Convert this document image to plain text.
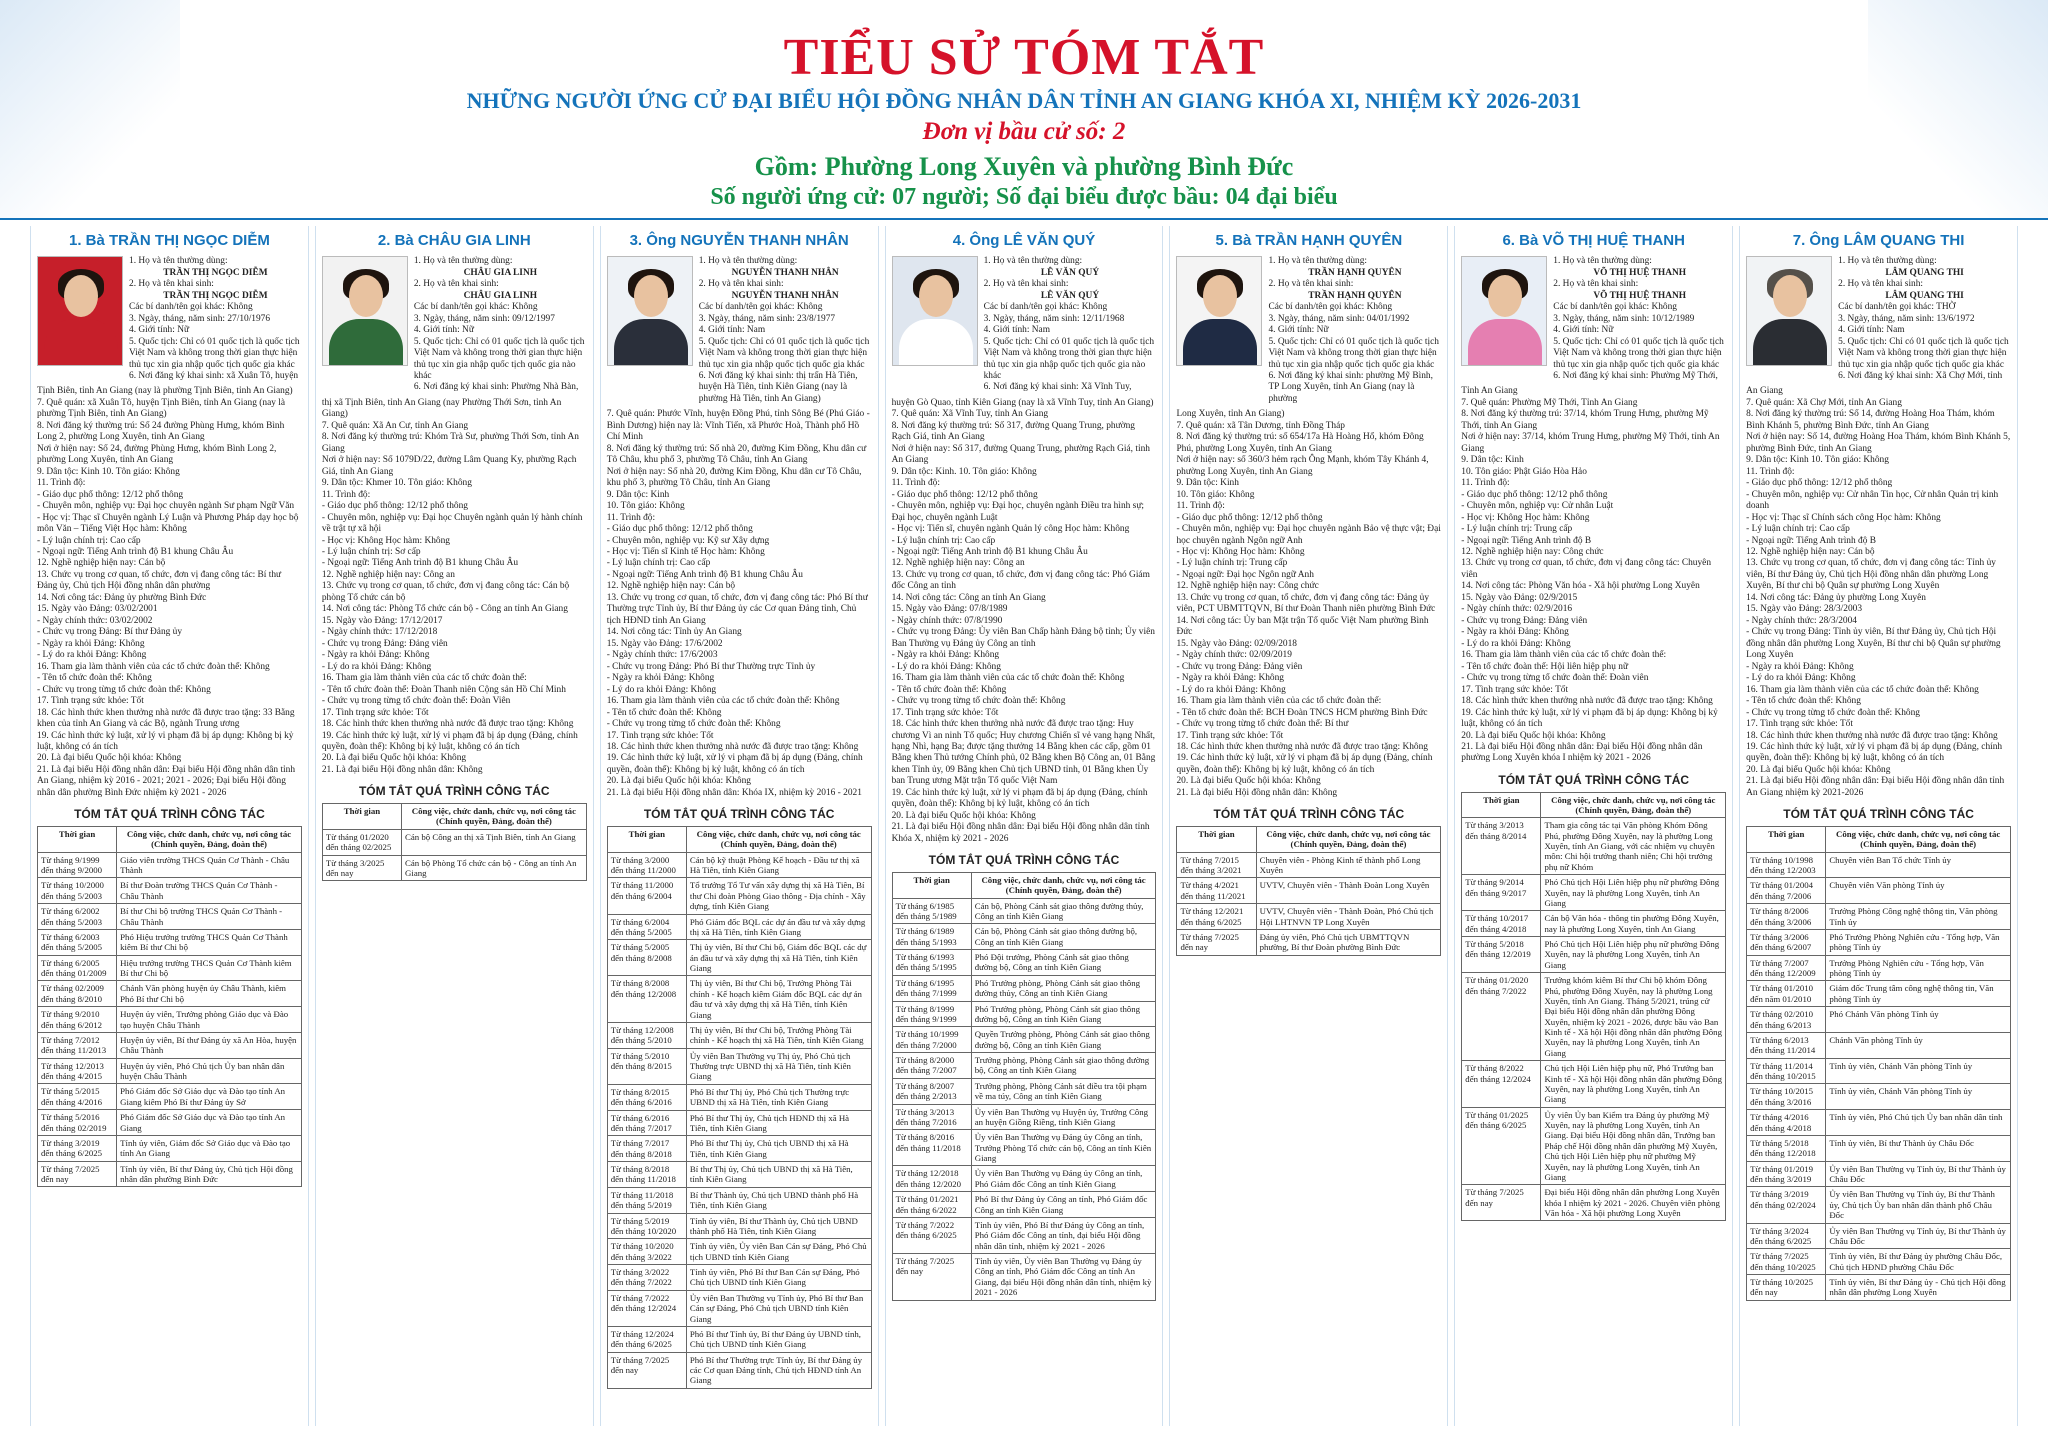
TIỂU SỬ TÓM TẮT
NHỮNG NGƯỜI ỨNG CỬ ĐẠI BIỂU HỘI ĐỒNG NHÂN DÂN TỈNH AN GIANG KHÓA XI, NHIỆM KỲ 2026-2031
Đơn vị bầu cử số: 2
Gồm: Phường Long Xuyên và phường Bình Đức
Số người ứng cử: 07 người; Số đại biểu được bầu: 04 đại biểu
1. Bà TRẦN THỊ NGỌC DIỄM
1. Họ và tên thường dùng:
TRẦN THỊ NGỌC DIỄM
2. Họ và tên khai sinh:
TRẦN THỊ NGỌC DIỄM
Các bí danh/tên gọi khác: Không
3. Ngày, tháng, năm sinh: 27/10/1976
4. Giới tính: Nữ
5. Quốc tịch: Chỉ có 01 quốc tịch là quốc tịch Việt Nam và không trong thời gian thực hiện thủ tục xin gia nhập quốc tịch quốc gia khác
6. Nơi đăng ký khai sinh: xã Xuân Tô, huyện
Tịnh Biên, tỉnh An Giang (nay là phường Tịnh Biên, tỉnh An Giang)
7. Quê quán: xã Xuân Tô, huyện Tịnh Biên, tỉnh An Giang (nay là phường Tịnh Biên, tỉnh An Giang)
8. Nơi đăng ký thường trú: Số 24 đường Phùng Hưng, khóm Bình Long 2, phường Long Xuyên, tỉnh An Giang
Nơi ở hiện nay: Số 24, đường Phùng Hưng, khóm Bình Long 2, phường Long Xuyên, tỉnh An Giang
9. Dân tộc: Kinh 10. Tôn giáo: Không
11. Trình độ:
- Giáo dục phổ thông: 12/12 phổ thông
- Chuyên môn, nghiệp vụ: Đại học chuyên ngành Sư phạm Ngữ Văn
- Học vị: Thạc sĩ Chuyên ngành Lý Luận và Phương Pháp dạy học bộ môn Văn – Tiếng Việt Học hàm: Không
- Lý luận chính trị: Cao cấp
- Ngoại ngữ: Tiếng Anh trình độ B1 khung Châu Âu
12. Nghề nghiệp hiện nay: Cán bộ
13. Chức vụ trong cơ quan, tổ chức, đơn vị đang công tác: Bí thư Đảng ủy, Chủ tịch Hội đồng nhân dân phường
14. Nơi công tác: Đảng ủy phường Bình Đức
15. Ngày vào Đảng: 03/02/2001
- Ngày chính thức: 03/02/2002
- Chức vụ trong Đảng: Bí thư Đảng ủy
- Ngày ra khỏi Đảng: Không
- Lý do ra khỏi Đảng: Không
16. Tham gia làm thành viên của các tổ chức đoàn thể: Không
- Tên tổ chức đoàn thể: Không
- Chức vụ trong từng tổ chức đoàn thể: Không
17. Tình trạng sức khỏe: Tốt
18. Các hình thức khen thưởng nhà nước đã được trao tặng: 33 Bằng khen của tỉnh An Giang và các Bộ, ngành Trung ương
19. Các hình thức kỷ luật, xử lý vi phạm đã bị áp dụng: Không bị kỷ luật, không có án tích
20. Là đại biểu Quốc hội khóa: Không
21. Là đại biểu Hội đồng nhân dân: Đại biểu Hội đồng nhân dân tỉnh An Giang, nhiệm kỳ 2016 - 2021; 2021 - 2026; Đại biểu Hội đồng nhân dân phường Bình Đức nhiệm kỳ 2021 - 2026
TÓM TẮT QUÁ TRÌNH CÔNG TÁC
Thời gian	Công việc, chức danh, chức vụ, nơi công tác (Chính quyền, Đảng, đoàn thể)
Từ tháng 9/1999 đến tháng 9/2000	Giáo viên trường THCS Quản Cơ Thành - Châu Thành
Từ tháng 10/2000 đến tháng 5/2003	Bí thư Đoàn trường THCS Quản Cơ Thành - Châu Thành
Từ tháng 6/2002 đến tháng 5/2003	Bí thư Chi bộ trường THCS Quản Cơ Thành - Châu Thành
Từ tháng 6/2003 đến tháng 5/2005	Phó Hiệu trưởng trường THCS Quản Cơ Thành kiêm Bí thư Chi bộ
Từ tháng 6/2005 đến tháng 01/2009	Hiệu trưởng trường THCS Quản Cơ Thành kiêm Bí thư Chi bộ
Từ tháng 02/2009 đến tháng 8/2010	Chánh Văn phòng huyện ủy Châu Thành, kiêm Phó Bí thư Chi bộ
Từ tháng 9/2010 đến tháng 6/2012	Huyện ủy viên, Trưởng phòng Giáo dục và Đào tạo huyện Châu Thành
Từ tháng 7/2012 đến tháng 11/2013	Huyện ủy viên, Bí thư Đảng ủy xã An Hòa, huyện Châu Thành
Từ tháng 12/2013 đến tháng 4/2015	Huyện ủy viên, Phó Chủ tịch Ủy ban nhân dân huyện Châu Thành
Từ tháng 5/2015 đến tháng 4/2016	Phó Giám đốc Sở Giáo dục và Đào tạo tỉnh An Giang kiêm Phó Bí thư Đảng ủy Sở
Từ tháng 5/2016 đến tháng 02/2019	Phó Giám đốc Sở Giáo dục và Đào tạo tỉnh An Giang
Từ tháng 3/2019 đến tháng 6/2025	Tỉnh ủy viên, Giám đốc Sở Giáo dục và Đào tạo tỉnh An Giang
Từ tháng 7/2025 đến nay	Tỉnh ủy viên, Bí thư Đảng ủy, Chủ tịch Hội đồng nhân dân phường Bình Đức
2. Bà CHÂU GIA LINH
1. Họ và tên thường dùng:
CHÂU GIA LINH
2. Họ và tên khai sinh:
CHÂU GIA LINH
Các bí danh/tên gọi khác: Không
3. Ngày, tháng, năm sinh: 09/12/1997
4. Giới tính: Nữ
5. Quốc tịch: Chỉ có 01 quốc tịch là quốc tịch Việt Nam và không trong thời gian thực hiện thủ tục xin gia nhập quốc tịch quốc gia nào khác
6. Nơi đăng ký khai sinh: Phường Nhà Bàn,
thị xã Tịnh Biên, tỉnh An Giang (nay Phường Thới Sơn, tỉnh An Giang)
7. Quê quán: Xã An Cư, tỉnh An Giang
8. Nơi đăng ký thường trú: Khóm Trà Sư, phường Thới Sơn, tỉnh An Giang
Nơi ở hiện nay: Số 1079D/22, đường Lâm Quang Ky, phường Rạch Giá, tỉnh An Giang
9. Dân tộc: Khmer 10. Tôn giáo: Không
11. Trình độ:
- Giáo dục phổ thông: 12/12 phổ thông
- Chuyên môn, nghiệp vụ: Đại học Chuyên ngành quản lý hành chính về trật tự xã hội
- Học vị: Không Học hàm: Không
- Lý luận chính trị: Sơ cấp
- Ngoại ngữ: Tiếng Anh trình độ B1 khung Châu Âu
12. Nghề nghiệp hiện nay: Công an
13. Chức vụ trong cơ quan, tổ chức, đơn vị đang công tác: Cán bộ phòng Tổ chức cán bộ
14. Nơi công tác: Phòng Tổ chức cán bộ - Công an tỉnh An Giang
15. Ngày vào Đảng: 17/12/2017
- Ngày chính thức: 17/12/2018
- Chức vụ trong Đảng: Đảng viên
- Ngày ra khỏi Đảng: Không
- Lý do ra khỏi Đảng: Không
16. Tham gia làm thành viên của các tổ chức đoàn thể:
- Tên tổ chức đoàn thể: Đoàn Thanh niên Cộng sản Hồ Chí Minh
- Chức vụ trong từng tổ chức đoàn thể: Đoàn Viên
17. Tình trạng sức khỏe: Tốt
18. Các hình thức khen thưởng nhà nước đã được trao tặng: Không
19. Các hình thức kỷ luật, xử lý vi phạm đã bị áp dụng (Đảng, chính quyền, đoàn thể): Không bị kỷ luật, không có án tích
20. Là đại biểu Quốc hội khóa: Không
21. Là đại biểu Hội đồng nhân dân: Không
TÓM TẮT QUÁ TRÌNH CÔNG TÁC
Thời gian	Công việc, chức danh, chức vụ, nơi công tác (Chính quyền, Đảng, đoàn thể)
Từ tháng 01/2020 đến tháng 02/2025	Cán bộ Công an thị xã Tịnh Biên, tỉnh An Giang
Từ tháng 3/2025 đến nay	Cán bộ Phòng Tổ chức cán bộ - Công an tỉnh An Giang
3. Ông NGUYỄN THANH NHÂN
1. Họ và tên thường dùng:
NGUYỄN THANH NHÂN
2. Họ và tên khai sinh:
NGUYỄN THANH NHÂN
Các bí danh/tên gọi khác: Không
3. Ngày, tháng, năm sinh: 23/8/1977
4. Giới tính: Nam
5. Quốc tịch: Chỉ có 01 quốc tịch là quốc tịch Việt Nam và không trong thời gian thực hiện thủ tục xin gia nhập quốc tịch quốc gia khác
6. Nơi đăng ký khai sinh: thị trấn Hà Tiên, huyện Hà Tiên, tỉnh Kiên Giang (nay là phường Hà Tiên, tỉnh An Giang)
7. Quê quán: Phước Vĩnh, huyện Đồng Phú, tỉnh Sông Bé (Phú Giáo - Bình Dương) hiện nay là: Vĩnh Tiến, xã Phước Hoà, Thành phố Hồ Chí Minh
8. Nơi đăng ký thường trú: Số nhà 20, đường Kim Đồng, Khu dân cư Tô Châu, khu phố 3, phường Tô Châu, tỉnh An Giang
Nơi ở hiện nay: Số nhà 20, đường Kim Đồng, Khu dân cư Tô Châu, khu phố 3, phường Tô Châu, tỉnh An Giang
9. Dân tộc: Kinh
10. Tôn giáo: Không
11. Trình độ:
- Giáo dục phổ thông: 12/12 phổ thông
- Chuyên môn, nghiệp vụ: Kỹ sư Xây dựng
- Học vị: Tiến sĩ Kinh tế Học hàm: Không
- Lý luận chính trị: Cao cấp
- Ngoại ngữ: Tiếng Anh trình độ B1 khung Châu Âu
12. Nghề nghiệp hiện nay: Cán bộ
13. Chức vụ trong cơ quan, tổ chức, đơn vị đang công tác: Phó Bí thư Thường trực Tỉnh ủy, Bí thư Đảng ủy các Cơ quan Đảng tỉnh, Chủ tịch HĐND tỉnh An Giang
14. Nơi công tác: Tỉnh ủy An Giang
15. Ngày vào Đảng: 17/6/2002
- Ngày chính thức: 17/6/2003
- Chức vụ trong Đảng: Phó Bí thư Thường trực Tỉnh ủy
- Ngày ra khỏi Đảng: Không
- Lý do ra khỏi Đảng: Không
16. Tham gia làm thành viên của các tổ chức đoàn thể: Không
- Tên tổ chức đoàn thể: Không
- Chức vụ trong từng tổ chức đoàn thể: Không
17. Tình trạng sức khỏe: Tốt
18. Các hình thức khen thưởng nhà nước đã được trao tặng: Không
19. Các hình thức kỷ luật, xử lý vi phạm đã bị áp dụng (Đảng, chính quyền, đoàn thể): Không bị kỷ luật, không có án tích
20. Là đại biểu Quốc hội khóa: Không
21. Là đại biểu Hội đồng nhân dân: Khóa IX, nhiệm kỳ 2016 - 2021
TÓM TẮT QUÁ TRÌNH CÔNG TÁC
Thời gian	Công việc, chức danh, chức vụ, nơi công tác (Chính quyền, Đảng, đoàn thể)
Từ tháng 3/2000 đến tháng 11/2000	Cán bộ kỹ thuật Phòng Kế hoạch - Đầu tư thị xã Hà Tiên, tỉnh Kiên Giang
Từ tháng 11/2000 đến tháng 6/2004	Tổ trưởng Tổ Tư vấn xây dựng thị xã Hà Tiên, Bí thư Chi đoàn Phòng Giao thông - Địa chính - Xây dựng, tỉnh Kiên Giang
Từ tháng 6/2004 đến tháng 5/2005	Phó Giám đốc BQL các dự án đầu tư và xây dựng thị xã Hà Tiên, tỉnh Kiên Giang
Từ tháng 5/2005 đến tháng 8/2008	Thị ủy viên, Bí thư Chi bộ, Giám đốc BQL các dự án đầu tư và xây dựng thị xã Hà Tiên, tỉnh Kiên Giang
Từ tháng 8/2008 đến tháng 12/2008	Thị ủy viên, Bí thư Chi bộ, Trưởng Phòng Tài chính - Kế hoạch kiêm Giám đốc BQL các dự án đầu tư và xây dựng thị xã Hà Tiên, tỉnh Kiên Giang
Từ tháng 12/2008 đến tháng 5/2010	Thị ủy viên, Bí thư Chi bộ, Trưởng Phòng Tài chính - Kế hoạch thị xã Hà Tiên, tỉnh Kiên Giang
Từ tháng 5/2010 đến tháng 8/2015	Ủy viên Ban Thường vụ Thị ủy, Phó Chủ tịch Thường trực UBND thị xã Hà Tiên, tỉnh Kiên Giang
Từ tháng 8/2015 đến tháng 6/2016	Phó Bí thư Thị ủy, Phó Chủ tịch Thường trực UBND thị xã Hà Tiên, tỉnh Kiên Giang
Từ tháng 6/2016 đến tháng 7/2017	Phó Bí thư Thị ủy, Chủ tịch HĐND thị xã Hà Tiên, tỉnh Kiên Giang
Từ tháng 7/2017 đến tháng 8/2018	Phó Bí thư Thị ủy, Chủ tịch UBND thị xã Hà Tiên, tỉnh Kiên Giang
Từ tháng 8/2018 đến tháng 11/2018	Bí thư Thị ủy, Chủ tịch UBND thị xã Hà Tiên, tỉnh Kiên Giang
Từ tháng 11/2018 đến tháng 5/2019	Bí thư Thành ủy, Chủ tịch UBND thành phố Hà Tiên, tỉnh Kiên Giang
Từ tháng 5/2019 đến tháng 10/2020	Tỉnh ủy viên, Bí thư Thành ủy, Chủ tịch UBND thành phố Hà Tiên, tỉnh Kiên Giang
Từ tháng 10/2020 đến tháng 3/2022	Tỉnh ủy viên, Ủy viên Ban Cán sự Đảng, Phó Chủ tịch UBND tỉnh Kiên Giang
Từ tháng 3/2022 đến tháng 7/2022	Tỉnh ủy viên, Phó Bí thư Ban Cán sự Đảng, Phó Chủ tịch UBND tỉnh Kiên Giang
Từ tháng 7/2022 đến tháng 12/2024	Ủy viên Ban Thường vụ Tỉnh ủy, Phó Bí thư Ban Cán sự Đảng, Phó Chủ tịch UBND tỉnh Kiên Giang
Từ tháng 12/2024 đến tháng 6/2025	Phó Bí thư Tỉnh ủy, Bí thư Đảng ủy UBND tỉnh, Chủ tịch UBND tỉnh Kiên Giang
Từ tháng 7/2025 đến nay	Phó Bí thư Thường trực Tỉnh ủy, Bí thư Đảng ủy các Cơ quan Đảng tỉnh, Chủ tịch HĐND tỉnh An Giang
4. Ông LÊ VĂN QUÝ
1. Họ và tên thường dùng:
LÊ VĂN QUÝ
2. Họ và tên khai sinh:
LÊ VĂN QUÝ
Các bí danh/tên gọi khác: Không
3. Ngày, tháng, năm sinh: 12/11/1968
4. Giới tính: Nam
5. Quốc tịch: Chỉ có 01 quốc tịch là quốc tịch Việt Nam và không trong thời gian thực hiện thủ tục xin gia nhập quốc tịch quốc gia nào khác
6. Nơi đăng ký khai sinh: Xã Vĩnh Tuy,
huyện Gò Quao, tỉnh Kiên Giang (nay là xã Vĩnh Tuy, tỉnh An Giang)
7. Quê quán: Xã Vĩnh Tuy, tỉnh An Giang
8. Nơi đăng ký thường trú: Số 317, đường Quang Trung, phường Rạch Giá, tỉnh An Giang
Nơi ở hiện nay: Số 317, đường Quang Trung, phường Rạch Giá, tỉnh An Giang
9. Dân tộc: Kinh. 10. Tôn giáo: Không
11. Trình độ:
- Giáo dục phổ thông: 12/12 phổ thông
- Chuyên môn, nghiệp vụ: Đại học, chuyên ngành Điều tra hình sự; Đại học, chuyên ngành Luật
- Học vị: Tiến sĩ, chuyên ngành Quản lý công Học hàm: Không
- Lý luận chính trị: Cao cấp
- Ngoại ngữ: Tiếng Anh trình độ B1 khung Châu Âu
12. Nghề nghiệp hiện nay: Công an
13. Chức vụ trong cơ quan, tổ chức, đơn vị đang công tác: Phó Giám đốc Công an tỉnh
14. Nơi công tác: Công an tỉnh An Giang
15. Ngày vào Đảng: 07/8/1989
- Ngày chính thức: 07/8/1990
- Chức vụ trong Đảng: Ủy viên Ban Chấp hành Đảng bộ tỉnh; Ủy viên Ban Thường vụ Đảng ủy Công an tỉnh
- Ngày ra khỏi Đảng: Không
- Lý do ra khỏi Đảng: Không
16. Tham gia làm thành viên của các tổ chức đoàn thể: Không
- Tên tổ chức đoàn thể: Không
- Chức vụ trong từng tổ chức đoàn thể: Không
17. Tình trạng sức khỏe: Tốt
18. Các hình thức khen thưởng nhà nước đã được trao tặng: Huy chương Vì an ninh Tổ quốc; Huy chương Chiến sĩ vẻ vang hạng Nhất, hạng Nhì, hạng Ba; được tặng thưởng 14 Bằng khen các cấp, gồm 01 Bằng khen Thủ tướng Chính phủ, 02 Bằng khen Bộ Công an, 01 Bằng khen Tỉnh ủy, 09 Bằng khen Chủ tịch UBND tỉnh, 01 Bằng khen Ủy ban Trung ương Mặt trận Tổ quốc Việt Nam
19. Các hình thức kỷ luật, xử lý vi phạm đã bị áp dụng (Đảng, chính quyền, đoàn thể): Không bị kỷ luật, không có án tích
20. Là đại biểu Quốc hội khóa: Không
21. Là đại biểu Hội đồng nhân dân: Đại biểu Hội đồng nhân dân tỉnh Khóa X, nhiệm kỳ 2021 - 2026
TÓM TẮT QUÁ TRÌNH CÔNG TÁC
Thời gian	Công việc, chức danh, chức vụ, nơi công tác (Chính quyền, Đảng, đoàn thể)
Từ tháng 6/1985 đến tháng 5/1989	Cán bộ, Phòng Cảnh sát giao thông đường thủy, Công an tỉnh Kiên Giang
Từ tháng 6/1989 đến tháng 5/1993	Cán bộ, Phòng Cảnh sát giao thông đường bộ, Công an tỉnh Kiên Giang
Từ tháng 6/1993 đến tháng 5/1995	Phó Đội trưởng, Phòng Cảnh sát giao thông đường bộ, Công an tỉnh Kiên Giang
Từ tháng 6/1995 đến tháng 7/1999	Phó Trưởng phòng, Phòng Cảnh sát giao thông đường thủy, Công an tỉnh Kiên Giang
Từ tháng 8/1999 đến tháng 9/1999	Phó Trưởng phòng, Phòng Cảnh sát giao thông đường bộ, Công an tỉnh Kiên Giang
Từ tháng 10/1999 đến tháng 7/2000	Quyền Trưởng phòng, Phòng Cảnh sát giao thông đường bộ, Công an tỉnh Kiên Giang
Từ tháng 8/2000 đến tháng 7/2007	Trưởng phòng, Phòng Cảnh sát giao thông đường bộ, Công an tỉnh Kiên Giang
Từ tháng 8/2007 đến tháng 2/2013	Trưởng phòng, Phòng Cảnh sát điều tra tội phạm về ma túy, Công an tỉnh Kiên Giang
Từ tháng 3/2013 đến tháng 7/2016	Ủy viên Ban Thường vụ Huyện ủy, Trưởng Công an huyện Giồng Riềng, tỉnh Kiên Giang
Từ tháng 8/2016 đến tháng 11/2018	Ủy viên Ban Thường vụ Đảng ủy Công an tỉnh, Trưởng Phòng Tổ chức cán bộ, Công an tỉnh Kiên Giang
Từ tháng 12/2018 đến tháng 12/2020	Ủy viên Ban Thường vụ Đảng ủy Công an tỉnh, Phó Giám đốc Công an tỉnh Kiên Giang
Từ tháng 01/2021 đến tháng 6/2022	Phó Bí thư Đảng ủy Công an tỉnh, Phó Giám đốc Công an tỉnh Kiên Giang
Từ tháng 7/2022 đến tháng 6/2025	Tỉnh ủy viên, Phó Bí thư Đảng ủy Công an tỉnh, Phó Giám đốc Công an tỉnh, đại biểu Hội đồng nhân dân tỉnh, nhiệm kỳ 2021 - 2026
Từ tháng 7/2025 đến nay	Tỉnh ủy viên, Ủy viên Ban Thường vụ Đảng ủy Công an tỉnh, Phó Giám đốc Công an tỉnh An Giang, đại biểu Hội đồng nhân dân tỉnh, nhiệm kỳ 2021 - 2026
5. Bà TRẦN HẠNH QUYÊN
1. Họ và tên thường dùng:
TRẦN HẠNH QUYÊN
2. Họ và tên khai sinh:
TRẦN HẠNH QUYÊN
Các bí danh/tên gọi khác: Không
3. Ngày, tháng, năm sinh: 04/01/1992
4. Giới tính: Nữ
5. Quốc tịch: Chỉ có 01 quốc tịch là quốc tịch Việt Nam và không trong thời gian thực hiện thủ tục xin gia nhập quốc tịch quốc gia khác
6. Nơi đăng ký khai sinh: phường Mỹ Bình, TP Long Xuyên, tỉnh An Giang (nay là phường
Long Xuyên, tỉnh An Giang)
7. Quê quán: xã Tân Dương, tỉnh Đồng Tháp
8. Nơi đăng ký thường trú: số 654/17a Hà Hoàng Hổ, khóm Đông Phú, phường Long Xuyên, tỉnh An Giang
Nơi ở hiện nay: số 360/3 hẻm rạch Ông Mạnh, khóm Tây Khánh 4, phường Long Xuyên, tỉnh An Giang
9. Dân tộc: Kinh
10. Tôn giáo: Không
11. Trình độ:
- Giáo dục phổ thông: 12/12 phổ thông
- Chuyên môn, nghiệp vụ: Đại học chuyên ngành Bảo vệ thực vật; Đại học chuyên ngành Ngôn ngữ Anh
- Học vị: Không Học hàm: Không
- Lý luận chính trị: Trung cấp
- Ngoại ngữ: Đại học Ngôn ngữ Anh
12. Nghề nghiệp hiện nay: Công chức
13. Chức vụ trong cơ quan, tổ chức, đơn vị đang công tác: Đảng ủy viên, PCT UBMTTQVN, Bí thư Đoàn Thanh niên phường Bình Đức
14. Nơi công tác: Ủy ban Mặt trận Tổ quốc Việt Nam phường Bình Đức
15. Ngày vào Đảng: 02/09/2018
- Ngày chính thức: 02/09/2019
- Chức vụ trong Đảng: Đảng viên
- Ngày ra khỏi Đảng: Không
- Lý do ra khỏi Đảng: Không
16. Tham gia làm thành viên của các tổ chức đoàn thể:
- Tên tổ chức đoàn thể: BCH Đoàn TNCS HCM phường Bình Đức
- Chức vụ trong từng tổ chức đoàn thể: Bí thư
17. Tình trạng sức khỏe: Tốt
18. Các hình thức khen thưởng nhà nước đã được trao tặng: Không
19. Các hình thức kỷ luật, xử lý vi phạm đã bị áp dụng (Đảng, chính quyền, đoàn thể): Không bị kỷ luật, không có án tích
20. Là đại biểu Quốc hội khóa: Không
21. Là đại biểu Hội đồng nhân dân: Không
TÓM TẮT QUÁ TRÌNH CÔNG TÁC
Thời gian	Công việc, chức danh, chức vụ, nơi công tác (Chính quyền, Đảng, đoàn thể)
Từ tháng 7/2015 đến tháng 3/2021	Chuyên viên - Phòng Kinh tế thành phố Long Xuyên
Từ tháng 4/2021 đến tháng 11/2021	UVTV, Chuyên viên - Thành Đoàn Long Xuyên
Từ tháng 12/2021 đến tháng 6/2025	UVTV, Chuyên viên - Thành Đoàn, Phó Chủ tịch Hội LHTNVN TP Long Xuyên
Từ tháng 7/2025 đến nay	Đảng ủy viên, Phó Chủ tịch UBMTTQVN phường, Bí thư Đoàn phường Bình Đức
6. Bà VÕ THỊ HUỆ THANH
1. Họ và tên thường dùng:
VÕ THỊ HUỆ THANH
2. Họ và tên khai sinh:
VÕ THỊ HUỆ THANH
Các bí danh/tên gọi khác: Không
3. Ngày, tháng, năm sinh: 10/12/1989
4. Giới tính: Nữ
5. Quốc tịch: Chỉ có 01 quốc tịch là quốc tịch Việt Nam và không trong thời gian thực hiện thủ tục xin gia nhập quốc tịch quốc gia khác
6. Nơi đăng ký khai sinh: Phường Mỹ Thới,
Tỉnh An Giang
7. Quê quán: Phường Mỹ Thới, Tỉnh An Giang
8. Nơi đăng ký thường trú: 37/14, khóm Trung Hưng, phường Mỹ Thới, tỉnh An Giang
Nơi ở hiện nay: 37/14, khóm Trung Hưng, phường Mỹ Thới, tỉnh An Giang
9. Dân tộc: Kinh
10. Tôn giáo: Phật Giáo Hòa Hảo
11. Trình độ:
- Giáo dục phổ thông: 12/12 phổ thông
- Chuyên môn, nghiệp vụ: Cử nhân Luật
- Học vị: Không Học hàm: Không
- Lý luận chính trị: Trung cấp
- Ngoại ngữ: Tiếng Anh trình độ B
12. Nghề nghiệp hiện nay: Công chức
13. Chức vụ trong cơ quan, tổ chức, đơn vị đang công tác: Chuyên viên
14. Nơi công tác: Phòng Văn hóa - Xã hội phường Long Xuyên
15. Ngày vào Đảng: 02/9/2015
- Ngày chính thức: 02/9/2016
- Chức vụ trong Đảng: Đảng viên
- Ngày ra khỏi Đảng: Không
- Lý do ra khỏi Đảng: Không
16. Tham gia làm thành viên của các tổ chức đoàn thể:
- Tên tổ chức đoàn thể: Hội liên hiệp phụ nữ
- Chức vụ trong từng tổ chức đoàn thể: Đoàn viên
17. Tình trạng sức khỏe: Tốt
18. Các hình thức khen thưởng nhà nước đã được trao tặng: Không
19. Các hình thức kỷ luật, xử lý vi phạm đã bị áp dụng: Không bị kỷ luật, không có án tích
20. Là đại biểu Quốc hội khóa: Không
21. Là đại biểu Hội đồng nhân dân: Đại biểu Hội đồng nhân dân phường Long Xuyên khóa I nhiệm kỳ 2021 - 2026
TÓM TẮT QUÁ TRÌNH CÔNG TÁC
Thời gian	Công việc, chức danh, chức vụ, nơi công tác (Chính quyền, Đảng, đoàn thể)
Từ tháng 3/2013 đến tháng 8/2014	Tham gia công tác tại Văn phòng Khóm Đông Phú, phường Đông Xuyên, nay là phường Long Xuyên, tỉnh An Giang, với các nhiệm vụ chuyên môn: Chi hội trưởng thanh niên; Chi hội trưởng phụ nữ Khóm
Từ tháng 9/2014 đến tháng 9/2017	Phó Chủ tịch Hội Liên hiệp phụ nữ phường Đông Xuyên, nay là phường Long Xuyên, tỉnh An Giang
Từ tháng 10/2017 đến tháng 4/2018	Cán bộ Văn hóa - thông tin phường Đông Xuyên, nay là phường Long Xuyên, tỉnh An Giang
Từ tháng 5/2018 đến tháng 12/2019	Phó Chủ tịch Hội Liên hiệp phụ nữ phường Đông Xuyên, nay là phường Long Xuyên, tỉnh An Giang
Từ tháng 01/2020 đến tháng 7/2022	Trưởng khóm kiêm Bí thư Chi bộ khóm Đông Phú, phường Đông Xuyên, nay là phường Long Xuyên, tỉnh An Giang. Tháng 5/2021, trúng cử Đại biểu Hội đồng nhân dân phường Đông Xuyên, nhiệm kỳ 2021 - 2026, được bầu vào Ban Kinh tế - Xã hội Hội đồng nhân dân phường Đông Xuyên, nay là phường Long Xuyên, tỉnh An Giang
Từ tháng 8/2022 đến tháng 12/2024	Chủ tịch Hội Liên hiệp phụ nữ, Phó Trưởng ban Kinh tế - Xã hội Hội đồng nhân dân phường Đông Xuyên, nay là phường Long Xuyên, tỉnh An Giang
Từ tháng 01/2025 đến tháng 6/2025	Ủy viên Ủy ban Kiểm tra Đảng ủy phường Mỹ Xuyên, nay là phường Long Xuyên, tỉnh An Giang. Đại biểu Hội đồng nhân dân, Trưởng ban Pháp chế Hội đồng nhân dân phường Mỹ Xuyên, Chủ tịch Hội Liên hiệp phụ nữ phường Mỹ Xuyên, nay là phường Long Xuyên, tỉnh An Giang
Từ tháng 7/2025 đến nay	Đại biểu Hội đồng nhân dân phường Long Xuyên khóa I nhiệm kỳ 2021 - 2026. Chuyên viên phòng Văn hóa - Xã hội phường Long Xuyên
7. Ông LÂM QUANG THI
1. Họ và tên thường dùng:
LÂM QUANG THI
2. Họ và tên khai sinh:
LÂM QUANG THI
Các bí danh/tên gọi khác: THỜ
3. Ngày, tháng, năm sinh: 13/6/1972
4. Giới tính: Nam
5. Quốc tịch: Chỉ có 01 quốc tịch là quốc tịch Việt Nam và không trong thời gian thực hiện thủ tục xin gia nhập quốc tịch quốc gia khác
6. Nơi đăng ký khai sinh: Xã Chợ Mới, tỉnh
An Giang
7. Quê quán: Xã Chợ Mới, tỉnh An Giang
8. Nơi đăng ký thường trú: Số 14, đường Hoàng Hoa Thám, khóm Bình Khánh 5, phường Bình Đức, tỉnh An Giang
Nơi ở hiện nay: Số 14, đường Hoàng Hoa Thám, khóm Bình Khánh 5, phường Bình Đức, tỉnh An Giang
9. Dân tộc: Kinh 10. Tôn giáo: Không
11. Trình độ:
- Giáo dục phổ thông: 12/12 phổ thông
- Chuyên môn, nghiệp vụ: Cử nhân Tin học, Cử nhân Quản trị kinh doanh
- Học vị: Thạc sĩ Chính sách công Học hàm: Không
- Lý luận chính trị: Cao cấp
- Ngoại ngữ: Tiếng Anh trình độ B
12. Nghề nghiệp hiện nay: Cán bộ
13. Chức vụ trong cơ quan, tổ chức, đơn vị đang công tác: Tỉnh ủy viên, Bí thư Đảng ủy, Chủ tịch Hội đồng nhân dân phường Long Xuyên, Bí thư chi bộ Quân sự phường Long Xuyên
14. Nơi công tác: Đảng ủy phường Long Xuyên
15. Ngày vào Đảng: 28/3/2003
- Ngày chính thức: 28/3/2004
- Chức vụ trong Đảng: Tỉnh ủy viên, Bí thư Đảng ủy, Chủ tịch Hội đồng nhân dân phường Long Xuyên, Bí thư chi bộ Quân sự phường Long Xuyên
- Ngày ra khỏi Đảng: Không
- Lý do ra khỏi Đảng: Không
16. Tham gia làm thành viên của các tổ chức đoàn thể: Không
- Tên tổ chức đoàn thể: Không
- Chức vụ trong từng tổ chức đoàn thể: Không
17. Tình trạng sức khỏe: Tốt
18. Các hình thức khen thưởng nhà nước đã được trao tặng: Không
19. Các hình thức kỷ luật, xử lý vi phạm đã bị áp dụng (Đảng, chính quyền, đoàn thể): Không bị kỷ luật, không có án tích
20. Là đại biểu Quốc hội khóa: Không
21. Là đại biểu Hội đồng nhân dân: Đại biểu Hội đồng nhân dân tỉnh An Giang nhiệm kỳ 2021-2026
TÓM TẮT QUÁ TRÌNH CÔNG TÁC
Thời gian	Công việc, chức danh, chức vụ, nơi công tác (Chính quyền, Đảng, đoàn thể)
Từ tháng 10/1998 đến tháng 12/2003	Chuyên viên Ban Tổ chức Tỉnh ủy
Từ tháng 01/2004 đến tháng 7/2006	Chuyên viên Văn phòng Tỉnh ủy
Từ tháng 8/2006 đến tháng 3/2006	Trưởng Phòng Công nghệ thông tin, Văn phòng Tỉnh ủy
Từ tháng 3/2006 đến tháng 6/2007	Phó Trưởng Phòng Nghiên cứu - Tổng hợp, Văn phòng Tỉnh ủy
Từ tháng 7/2007 đến tháng 12/2009	Trưởng Phòng Nghiên cứu - Tổng hợp, Văn phòng Tỉnh ủy
Từ tháng 01/2010 đến năm 01/2010	Giám đốc Trung tâm công nghệ thông tin, Văn phòng Tỉnh ủy
Từ tháng 02/2010 đến tháng 6/2013	Phó Chánh Văn phòng Tỉnh ủy
Từ tháng 6/2013 đến tháng 11/2014	Chánh Văn phòng Tỉnh ủy
Từ tháng 11/2014 đến tháng 10/2015	Tỉnh ủy viên, Chánh Văn phòng Tỉnh ủy
Từ tháng 10/2015 đến tháng 3/2016	Tỉnh ủy viên, Chánh Văn phòng Tỉnh ủy
Từ tháng 4/2016 đến tháng 4/2018	Tỉnh ủy viên, Phó Chủ tịch Ủy ban nhân dân tỉnh
Từ tháng 5/2018 đến tháng 12/2018	Tỉnh ủy viên, Bí thư Thành ủy Châu Đốc
Từ tháng 01/2019 đến tháng 3/2019	Ủy viên Ban Thường vụ Tỉnh ủy, Bí thư Thành ủy Châu Đốc
Từ tháng 3/2019 đến tháng 02/2024	Ủy viên Ban Thường vụ Tỉnh ủy, Bí thư Thành ủy, Chủ tịch Ủy ban nhân dân thành phố Châu Đốc
Từ tháng 3/2024 đến tháng 6/2025	Ủy viên Ban Thường vụ Tỉnh ủy, Bí thư Thành ủy Châu Đốc
Từ tháng 7/2025 đến tháng 10/2025	Tỉnh ủy viên, Bí thư Đảng ủy phường Châu Đốc, Chủ tịch HĐND phường Châu Đốc
Từ tháng 10/2025 đến nay	Tỉnh ủy viên, Bí thư Đảng ủy - Chủ tịch Hội đồng nhân dân phường Long Xuyên
